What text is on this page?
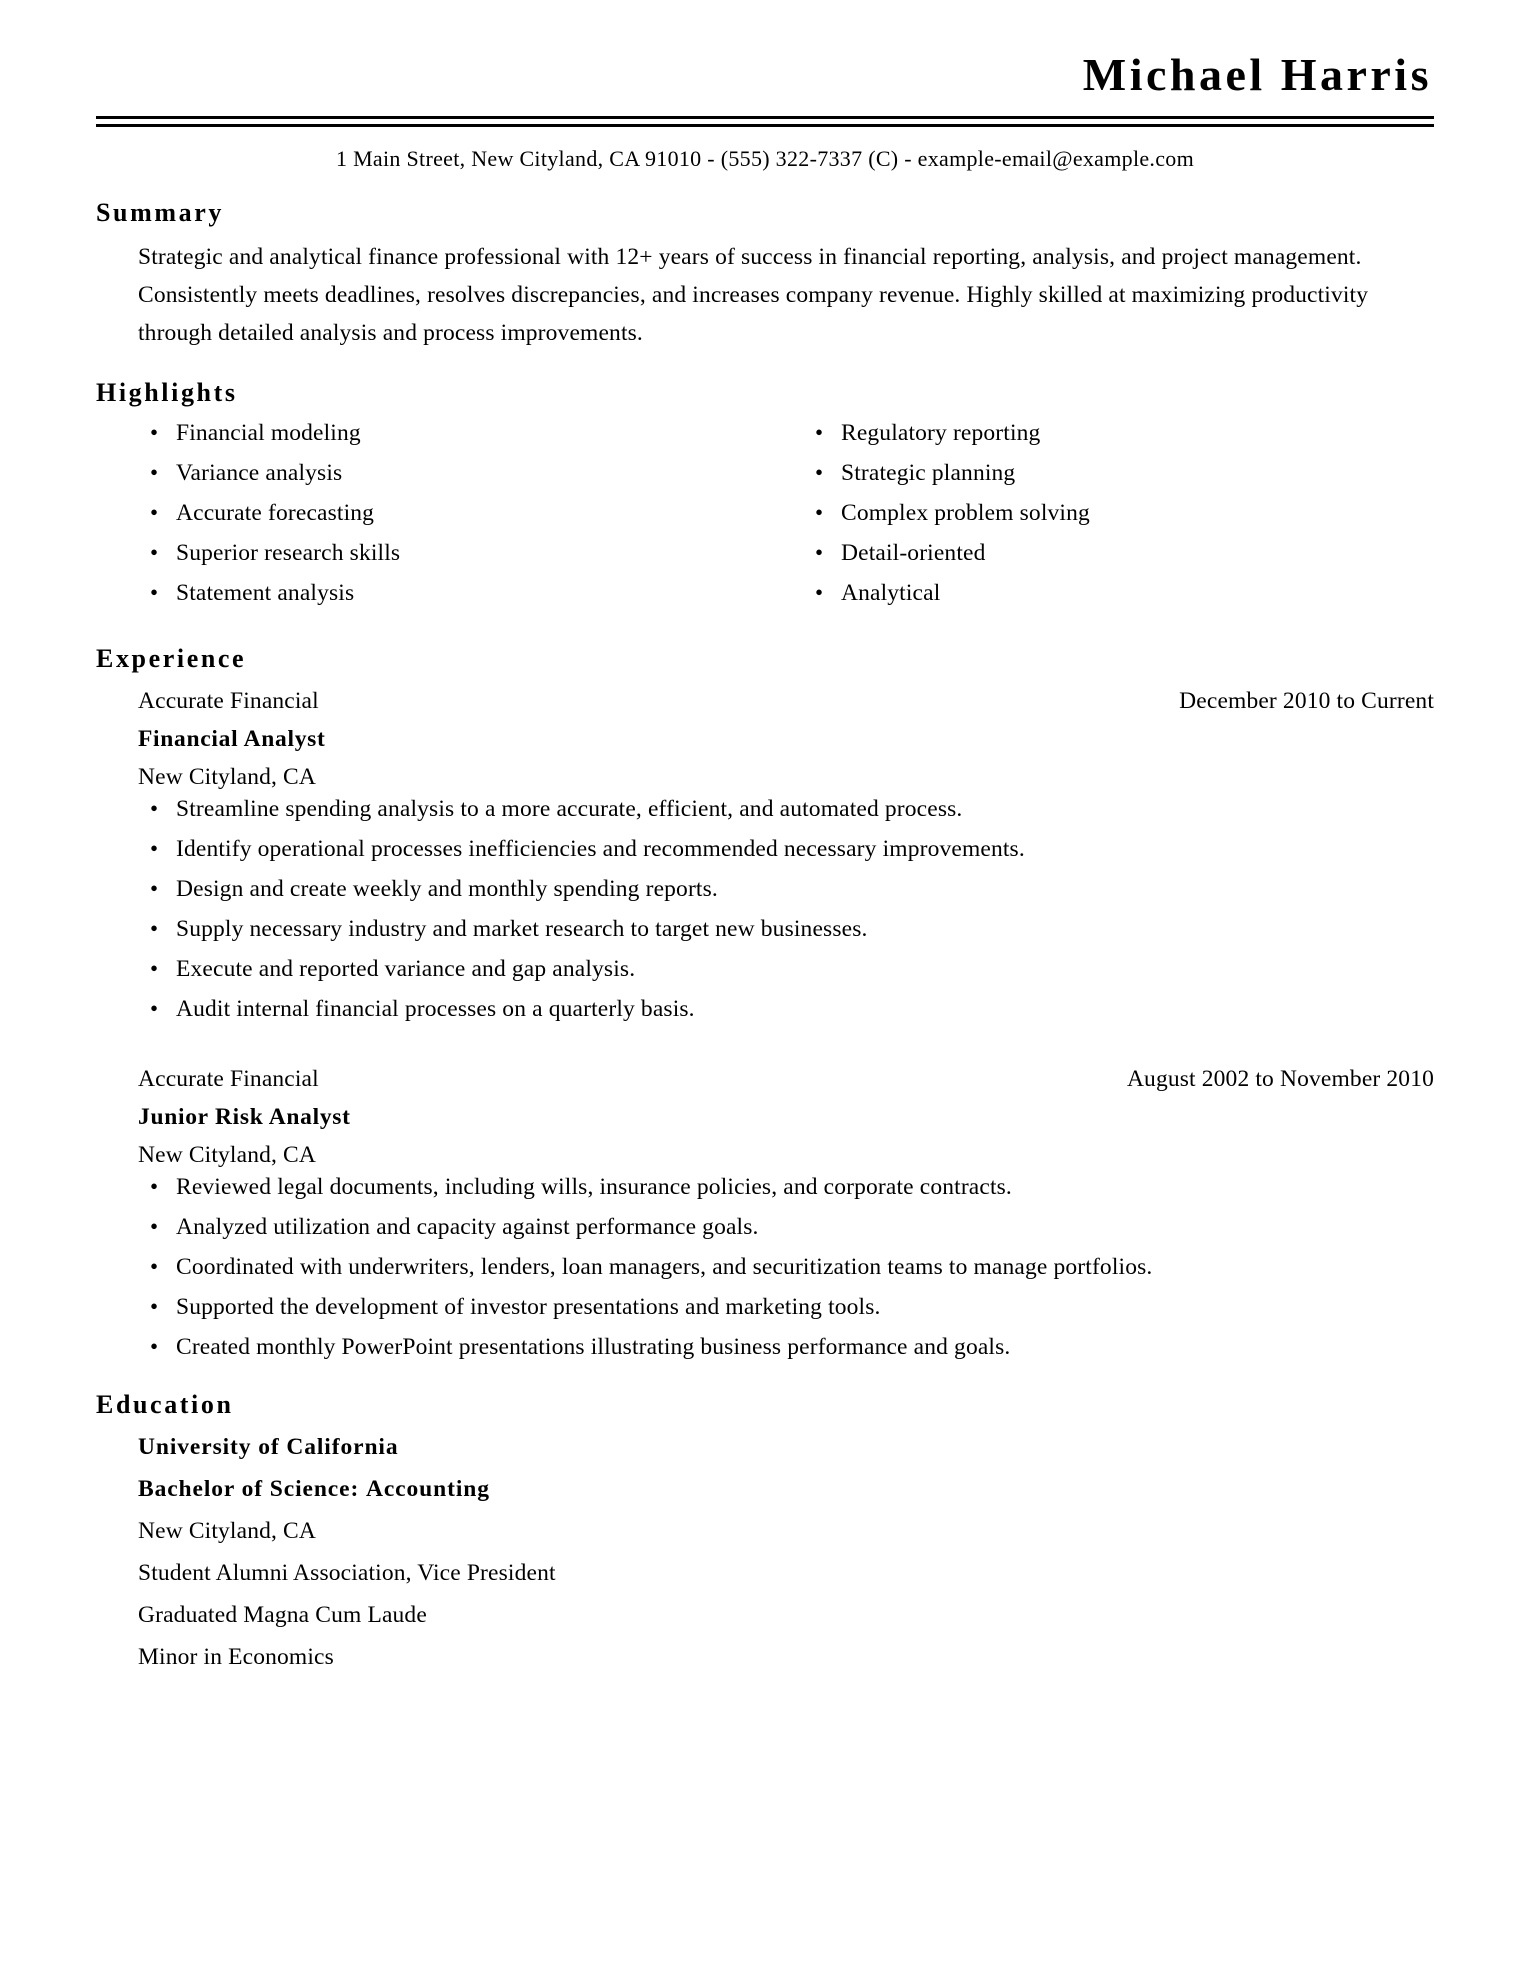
Michael Harris
1 Main Street, New Cityland, CA 91010 - (555) 322-7337 (C) - example-email@example.com
Summary
Strategic and analytical finance professional with 12+ years of success in financial reporting, analysis, and project management. Consistently meets deadlines, resolves discrepancies, and increases company revenue. Highly skilled at maximizing productivity through detailed analysis and process improvements.
Highlights
• Financial modeling
• Variance analysis
• Accurate forecasting
• Superior research skills
• Statement analysis
• Regulatory reporting
• Strategic planning
• Complex problem solving
• Detail-oriented
• Analytical
Experience
Accurate Financial	December 2010 to Current
Financial Analyst
New Cityland, CA
• Streamline spending analysis to a more accurate, efficient, and automated process.
• Identify operational processes inefficiencies and recommended necessary improvements.
• Design and create weekly and monthly spending reports.
• Supply necessary industry and market research to target new businesses.
• Execute and reported variance and gap analysis.
• Audit internal financial processes on a quarterly basis.
Accurate Financial	August 2002 to November 2010
Junior Risk Analyst
New Cityland, CA
• Reviewed legal documents, including wills, insurance policies, and corporate contracts.
• Analyzed utilization and capacity against performance goals.
• Coordinated with underwriters, lenders, loan managers, and securitization teams to manage portfolios.
• Supported the development of investor presentations and marketing tools.
• Created monthly PowerPoint presentations illustrating business performance and goals.
Education
University of California
Bachelor of Science: Accounting
New Cityland, CA
Student Alumni Association, Vice President
Graduated Magna Cum Laude
Minor in Economics
